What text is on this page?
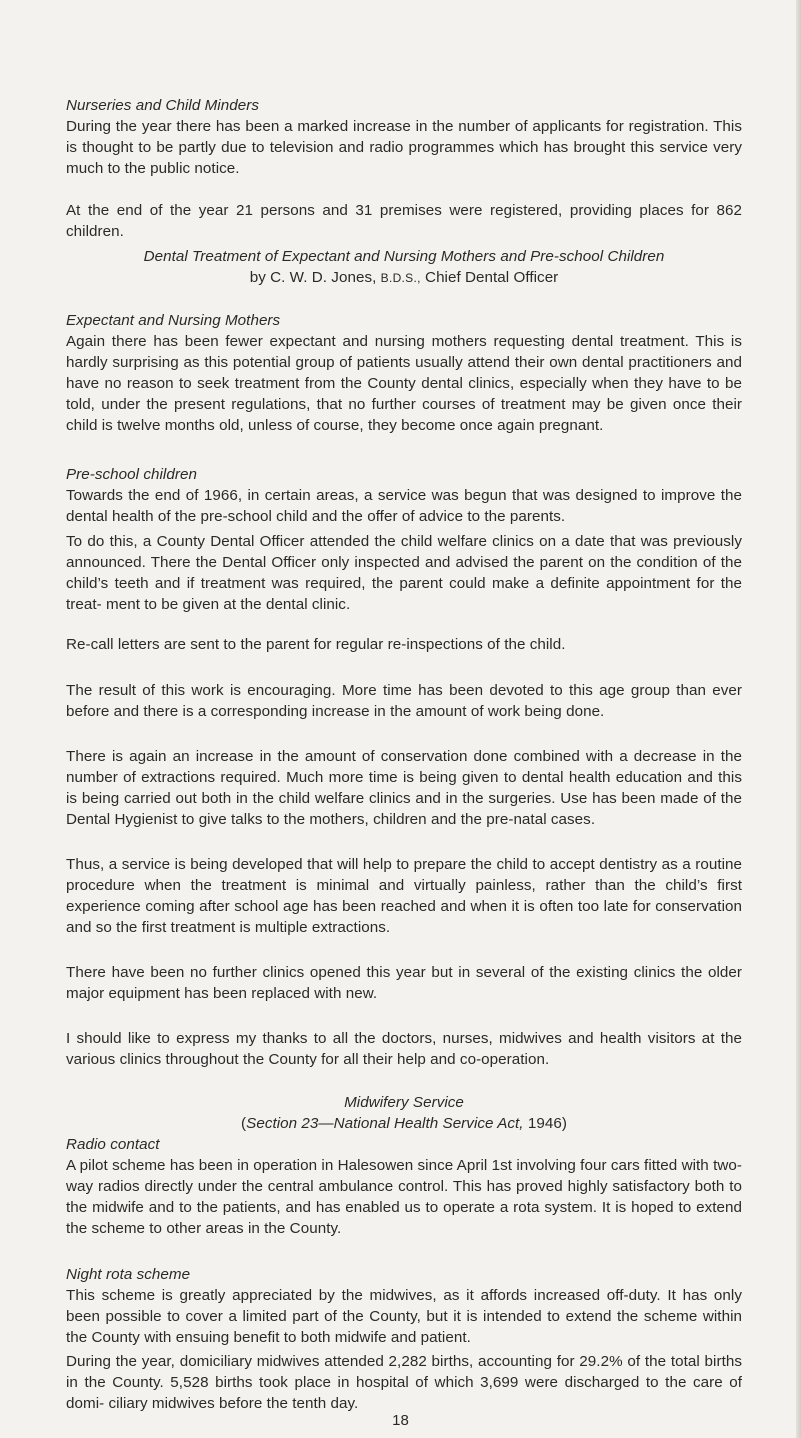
Nurseries and Child Minders

During the year there has been a marked increase in the number of applicants for registration. This is thought to be partly due to television and radio programmes which has brought this service very much to the public notice.

At the end of the year 21 persons and 31 premises were registered, providing places for 862 children.

Dental Treatment of Expectant and Nursing Mothers and Pre-school Children

by C. W. D. Jones, B.D.S., Chief Dental Officer

Expectant and Nursing Mothers

Again there has been fewer expectant and nursing mothers requesting dental treatment. This is hardly surprising as this potential group of patients usually attend their own dental practitioners and have no reason to seek treatment from the County dental clinics, especially when they have to be told, under the present regulations, that no further courses of treatment may be given once their child is twelve months old, unless of course, they become once again pregnant.

Pre-school children

Towards the end of 1966, in certain areas, a service was begun that was designed to improve the dental health of the pre-school child and the offer of advice to the parents.

To do this, a County Dental Officer attended the child welfare clinics on a date that was previously announced. There the Dental Officer only inspected and advised the parent on the condition of the child’s teeth and if treatment was required, the parent could make a definite appointment for the treat- ment to be given at the dental clinic.

Re-call letters are sent to the parent for regular re-inspections of the child.

The result of this work is encouraging. More time has been devoted to this age group than ever before and there is a corresponding increase in the amount of work being done.

There is again an increase in the amount of conservation done combined with a decrease in the number of extractions required. Much more time is being given to dental health education and this is being carried out both in the child welfare clinics and in the surgeries. Use has been made of the Dental Hygienist to give talks to the mothers, children and the pre-natal cases.

Thus, a service is being developed that will help to prepare the child to accept dentistry as a routine procedure when the treatment is minimal and virtually painless, rather than the child’s first experience coming after school age has been reached and when it is often too late for conservation and so the first treatment is multiple extractions.

There have been no further clinics opened this year but in several of the existing clinics the older major equipment has been replaced with new.

I should like to express my thanks to all the doctors, nurses, midwives and health visitors at the various clinics throughout the County for all their help and co-operation.

Midwifery Service

(Section 23—National Health Service Act, 1946)

Radio contact

A pilot scheme has been in operation in Halesowen since April 1st involving four cars fitted with two-way radios directly under the central ambulance control. This has proved highly satisfactory both to the midwife and to the patients, and has enabled us to operate a rota system. It is hoped to extend the scheme to other areas in the County.

Night rota scheme

This scheme is greatly appreciated by the midwives, as it affords increased off-duty. It has only been possible to cover a limited part of the County, but it is intended to extend the scheme within the County with ensuing benefit to both midwife and patient.

During the year, domiciliary midwives attended 2,282 births, accounting for 29.2% of the total births in the County. 5,528 births took place in hospital of which 3,699 were discharged to the care of domi- ciliary midwives before the tenth day.

18
